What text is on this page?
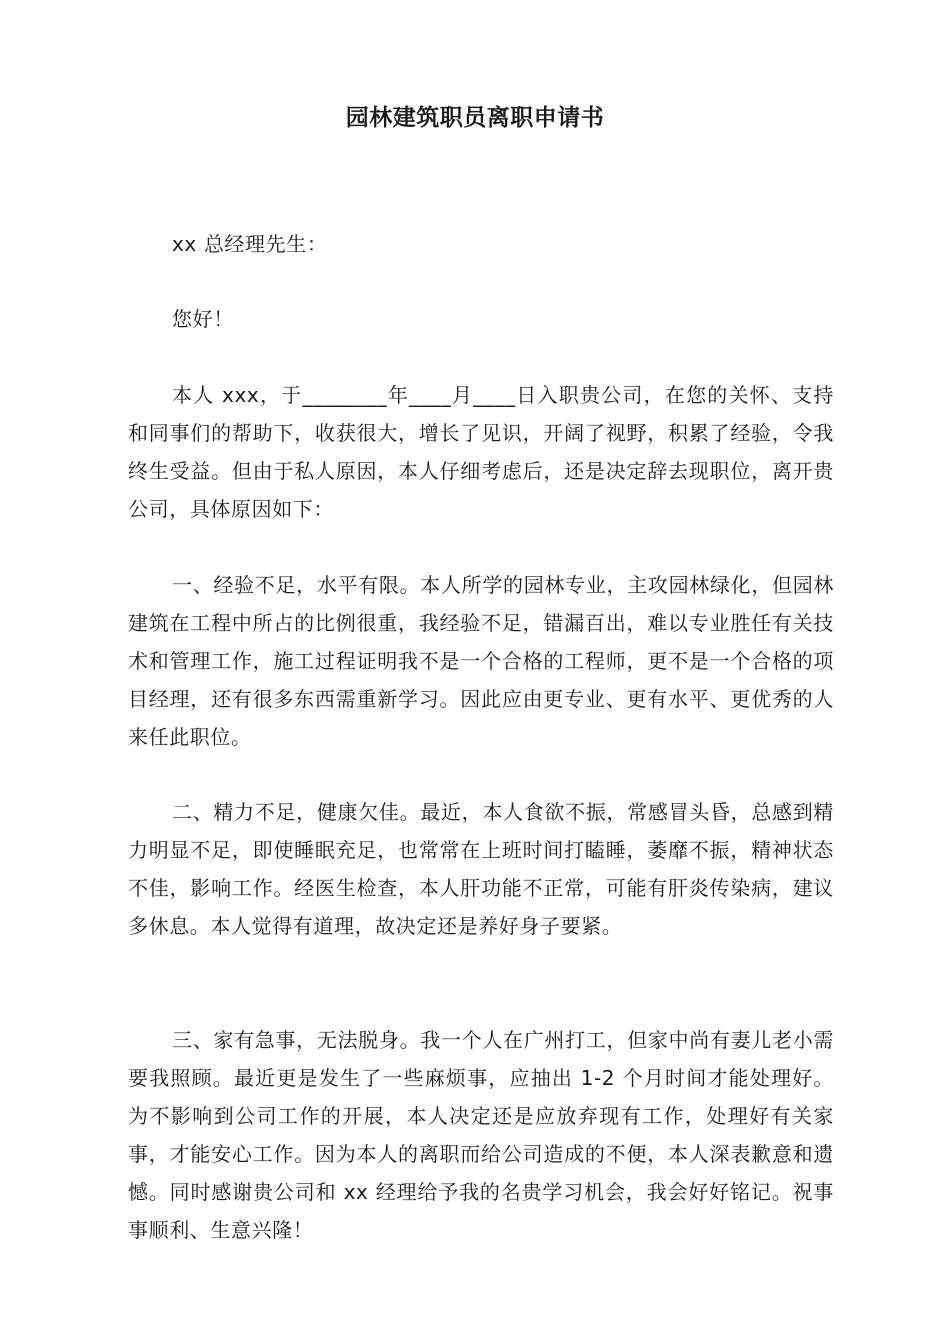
园林建筑职员离职申请书

xx 总经理先生：

您好！

本人 xxx，于________年____月____日入职贵公司，在您的关怀、支持和同事们的帮助下，收获很大，增长了见识，开阔了视野，积累了经验，令我终生受益。但由于私人原因，本人仔细考虑后，还是决定辞去现职位，离开贵公司，具体原因如下：

一、经验不足，水平有限。本人所学的园林专业，主攻园林绿化，但园林建筑在工程中所占的比例很重，我经验不足，错漏百出，难以专业胜任有关技术和管理工作，施工过程证明我不是一个合格的工程师，更不是一个合格的项目经理，还有很多东西需重新学习。因此应由更专业、更有水平、更优秀的人来任此职位。

二、精力不足，健康欠佳。最近，本人食欲不振，常感冒头昏，总感到精力明显不足，即使睡眠充足，也常常在上班时间打瞌睡，萎靡不振，精神状态不佳，影响工作。经医生检查，本人肝功能不正常，可能有肝炎传染病，建议多休息。本人觉得有道理，故决定还是养好身子要紧。

三、家有急事，无法脱身。我一个人在广州打工，但家中尚有妻儿老小需要我照顾。最近更是发生了一些麻烦事，应抽出 1-2 个月时间才能处理好。为不影响到公司工作的开展，本人决定还是应放弃现有工作，处理好有关家事，才能安心工作。因为本人的离职而给公司造成的不便，本人深表歉意和遗憾。同时感谢贵公司和 xx 经理给予我的名贵学习机会，我会好好铭记。祝事事顺利、生意兴隆！
